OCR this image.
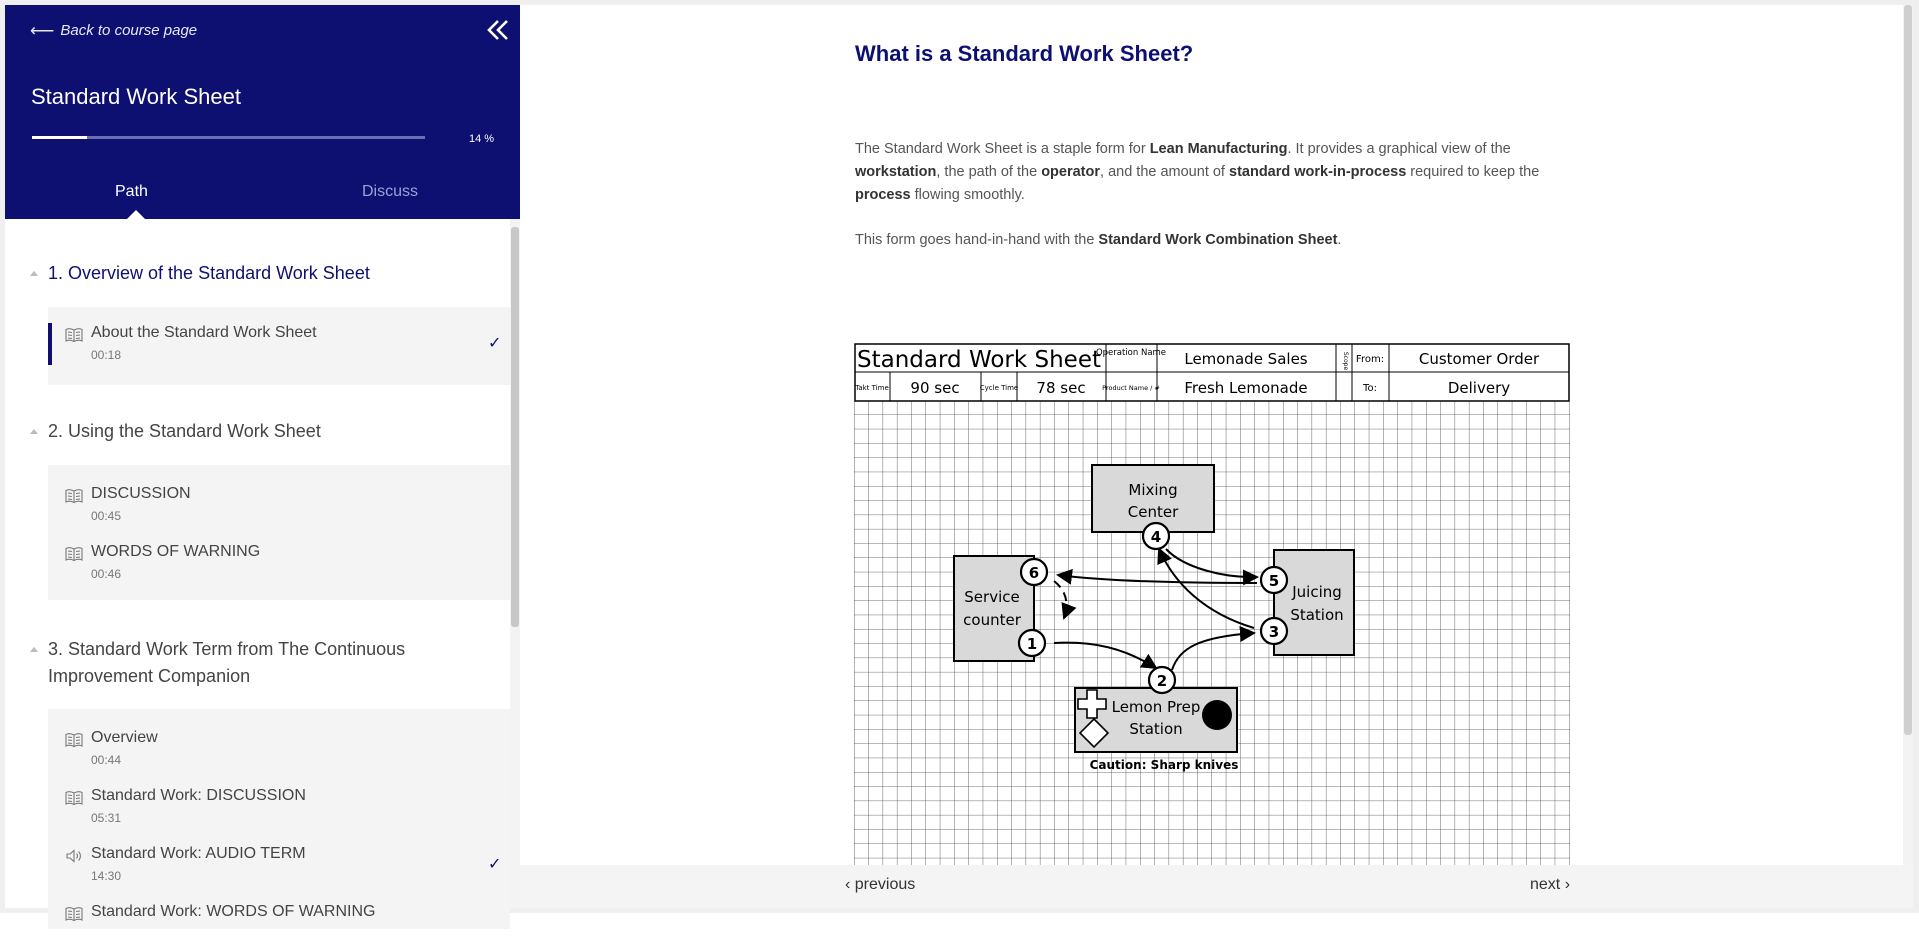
⟵ Back to course page
Standard Work Sheet
14 %
Path	Discuss
1. Overview of the Standard Work Sheet
About the Standard Work Sheet
00:18
✓
2. Using the Standard Work Sheet
DISCUSSION
00:45
WORDS OF WARNING
00:46
3. Standard Work Term from The Continuous
Improvement Companion
Overview
00:44
Standard Work: DISCUSSION
05:31
Standard Work: AUDIO TERM
14:30
✓
Standard Work: WORDS OF WARNING
What is a Standard Work Sheet?

The Standard Work Sheet is a staple form for Lean Manufacturing. It provides a graphical view of the workstation, the path of the operator, and the amount of standard work-in-process required to keep the process flowing smoothly.

This form goes hand-in-hand with the Standard Work Combination Sheet.

Standard Work Sheet
Operation Name Lemonade Sales	Scope From: Customer Order
Takt Time 90 sec	Cycle Time 78 sec	Product Name / # Fresh Lemonade	To:	Delivery
Mixing
Center
Service
counter
Juicing
Station
Lemon Prep
Station
Caution: Sharp knives
1
2
3
4
5
6
‹ previous	next ›
